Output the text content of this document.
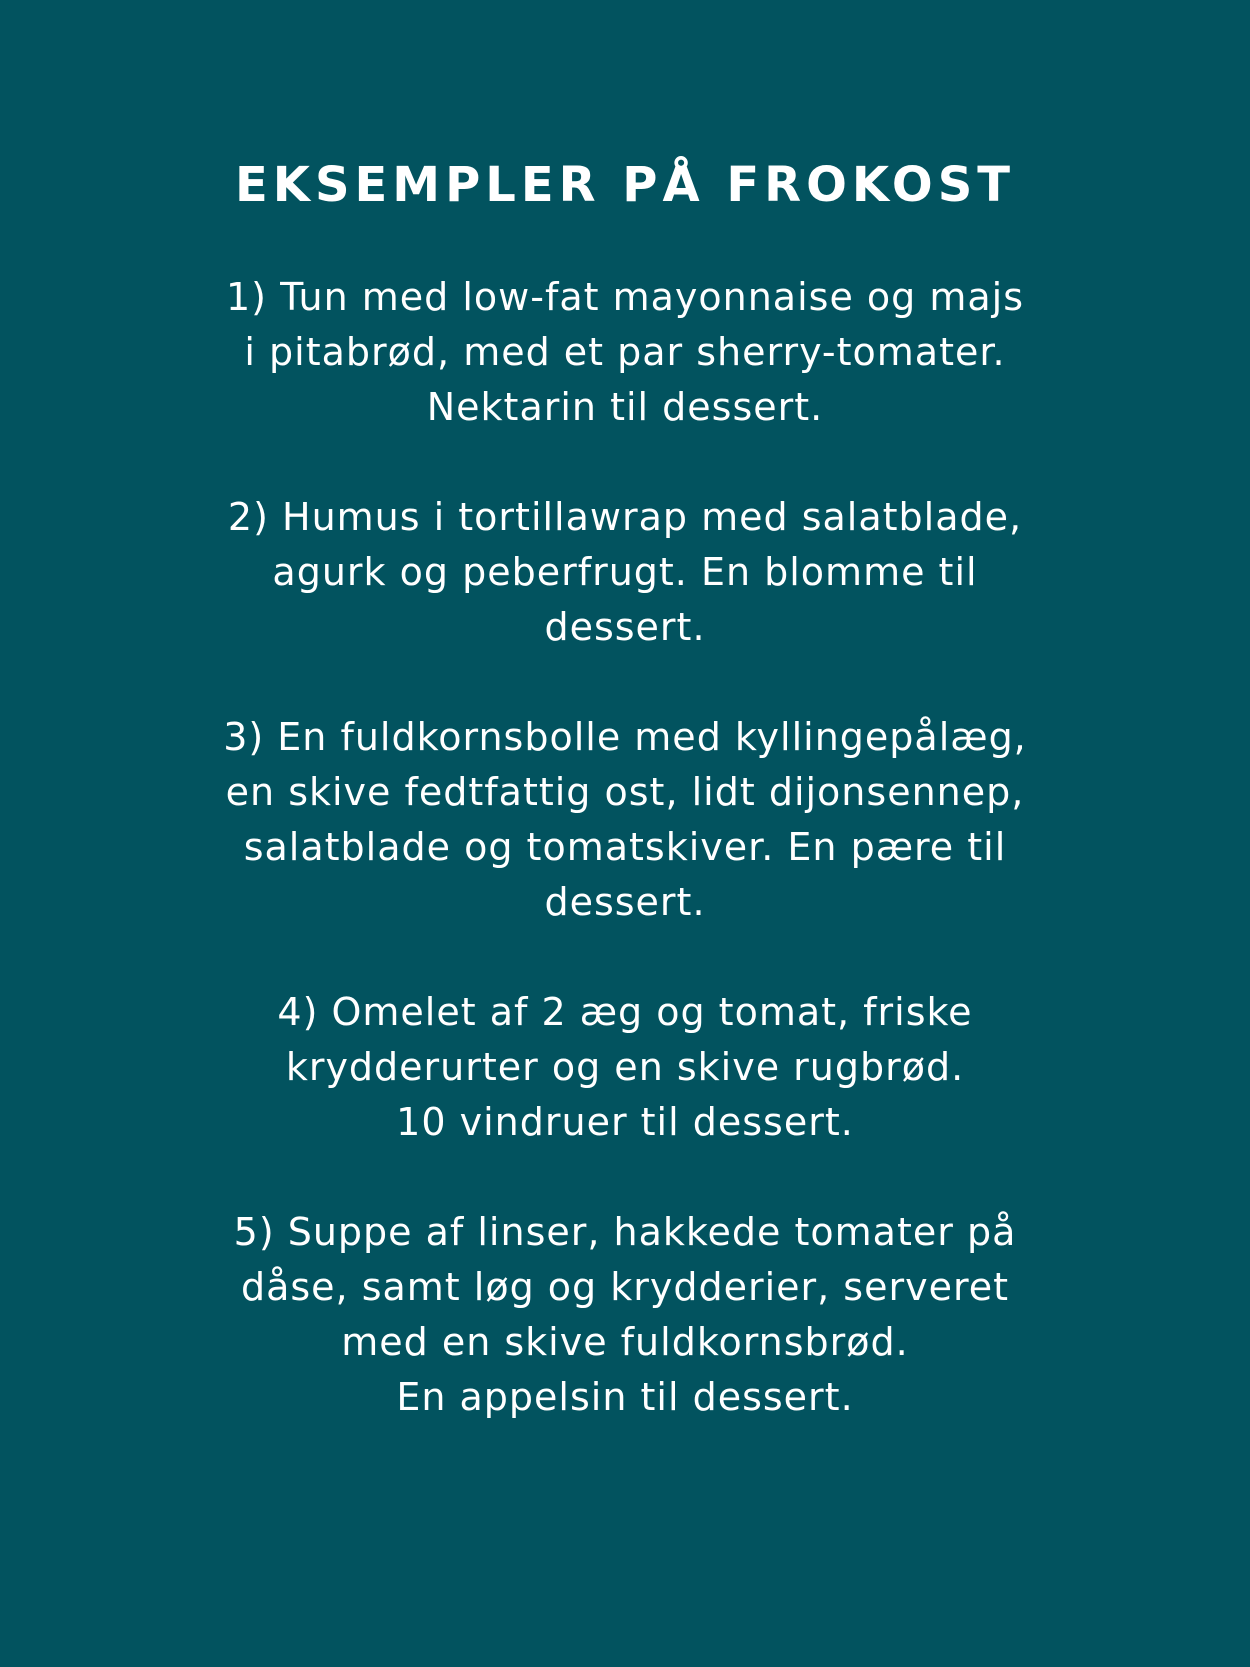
EKSEMPLER PÅ FROKOST
1) Tun med low-fat mayonnaise og majs
i pitabrød, med et par sherry-tomater.
Nektarin til dessert.
2) Humus i tortillawrap med salatblade,
agurk og peberfrugt. En blomme til
dessert.
3) En fuldkornsbolle med kyllingepålæg,
en skive fedtfattig ost, lidt dijonsennep,
salatblade og tomatskiver. En pære til
dessert.
4) Omelet af 2 æg og tomat, friske
krydderurter og en skive rugbrød.
10 vindruer til dessert.
5) Suppe af linser, hakkede tomater på
dåse, samt løg og krydderier, serveret
med en skive fuldkornsbrød.
En appelsin til dessert.
